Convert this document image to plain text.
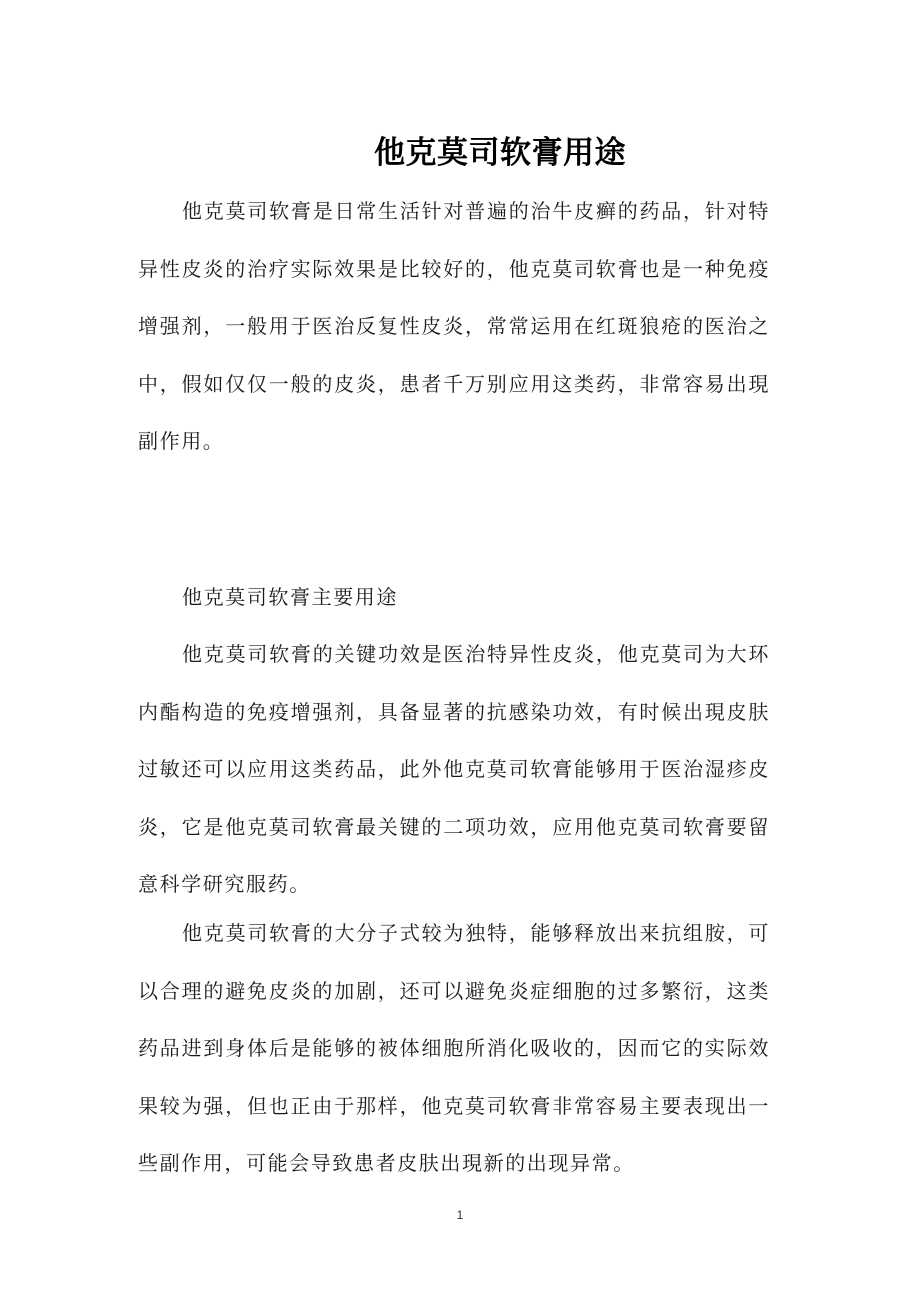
他克莫司软膏用途

他克莫司软膏是日常生活针对普遍的治牛皮癣的药品，针对特异性皮炎的治疗实际效果是比较好的，他克莫司软膏也是一种免疫增强剂，一般用于医治反复性皮炎，常常运用在红斑狼疮的医治之中，假如仅仅一般的皮炎，患者千万别应用这类药，非常容易出現副作用。

他克莫司软膏主要用途

他克莫司软膏的关键功效是医治特异性皮炎，他克莫司为大环内酯构造的免疫增强剂，具备显著的抗感染功效，有时候出現皮肤过敏还可以应用这类药品，此外他克莫司软膏能够用于医治湿疹皮炎，它是他克莫司软膏最关键的二项功效，应用他克莫司软膏要留意科学研究服药。

他克莫司软膏的大分子式较为独特，能够释放出来抗组胺，可以合理的避免皮炎的加剧，还可以避免炎症细胞的过多繁衍，这类药品进到身体后是能够的被体细胞所消化吸收的，因而它的实际效果较为强，但也正由于那样，他克莫司软膏非常容易主要表现出一些副作用，可能会导致患者皮肤出現新的出现异常。

1
